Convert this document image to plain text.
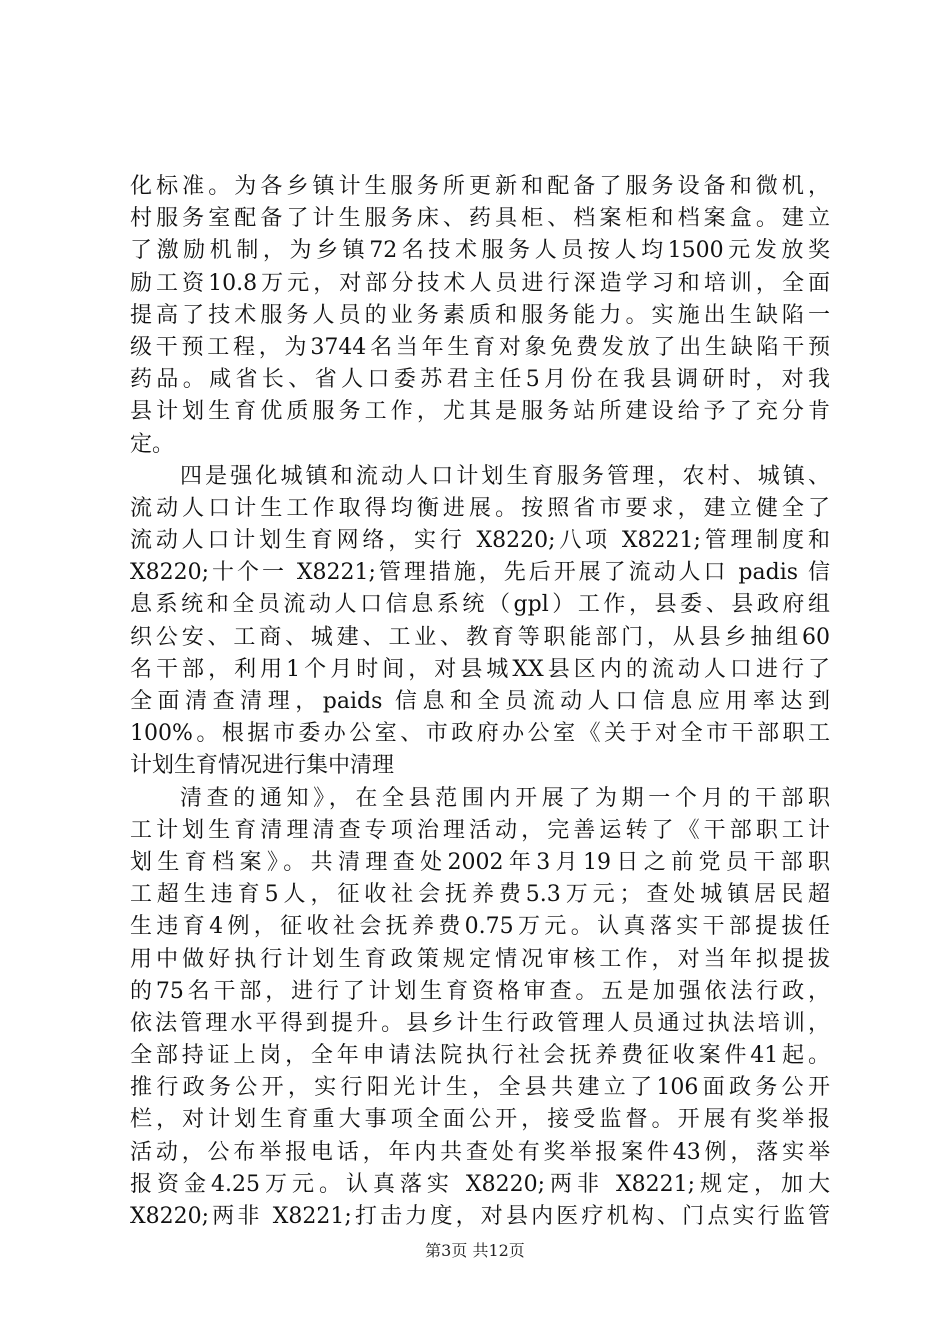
化标准。为各乡镇计生服务所更新和配备了服务设备和微机，
村服务室配备了计生服务床、药具柜、档案柜和档案盒。建立
了激励机制，为乡镇72名技术服务人员按人均1500元发放奖
励工资10.8万元，对部分技术人员进行深造学习和培训，全面
提高了技术服务人员的业务素质和服务能力。实施出生缺陷一
级干预工程，为3744名当年生育对象免费发放了出生缺陷干预
药品。咸省长、省人口委苏君主任5月份在我县调研时，对我
县计划生育优质服务工作，尤其是服务站所建设给予了充分肯
定。
四是强化城镇和流动人口计划生育服务管理，农村、城镇、
流动人口计生工作取得均衡进展。按照省市要求，建立健全了
流动人口计划生育网络，实行 X8220;八项 X8221;管理制度和
X8220;十个一 X8221;管理措施，先后开展了流动人口 padis 信
息系统和全员流动人口信息系统（gpl）工作，县委、县政府组
织公安、工商、城建、工业、教育等职能部门，从县乡抽组60
名干部，利用1个月时间，对县城XX县区内的流动人口进行了
全面清查清理，paids 信息和全员流动人口信息应用率达到
100%。根据市委办公室、市政府办公室《关于对全市干部职工
计划生育情况进行集中清理
清查的通知》，在全县范围内开展了为期一个月的干部职
工计划生育清理清查专项治理活动，完善运转了《干部职工计
划生育档案》。共清理查处2002年3月19日之前党员干部职
工超生违育5人，征收社会抚养费5.3万元；查处城镇居民超
生违育4例，征收社会抚养费0.75万元。认真落实干部提拔任
用中做好执行计划生育政策规定情况审核工作，对当年拟提拔
的75名干部，进行了计划生育资格审查。五是加强依法行政，
依法管理水平得到提升。县乡计生行政管理人员通过执法培训，
全部持证上岗，全年申请法院执行社会抚养费征收案件41起。
推行政务公开，实行阳光计生，全县共建立了106面政务公开
栏，对计划生育重大事项全面公开，接受监督。开展有奖举报
活动，公布举报电话，年内共查处有奖举报案件43例，落实举
报资金4.25万元。认真落实 X8220;两非 X8221;规定，加大
X8220;两非 X8221;打击力度，对县内医疗机构、门点实行监管
第3页 共12页
